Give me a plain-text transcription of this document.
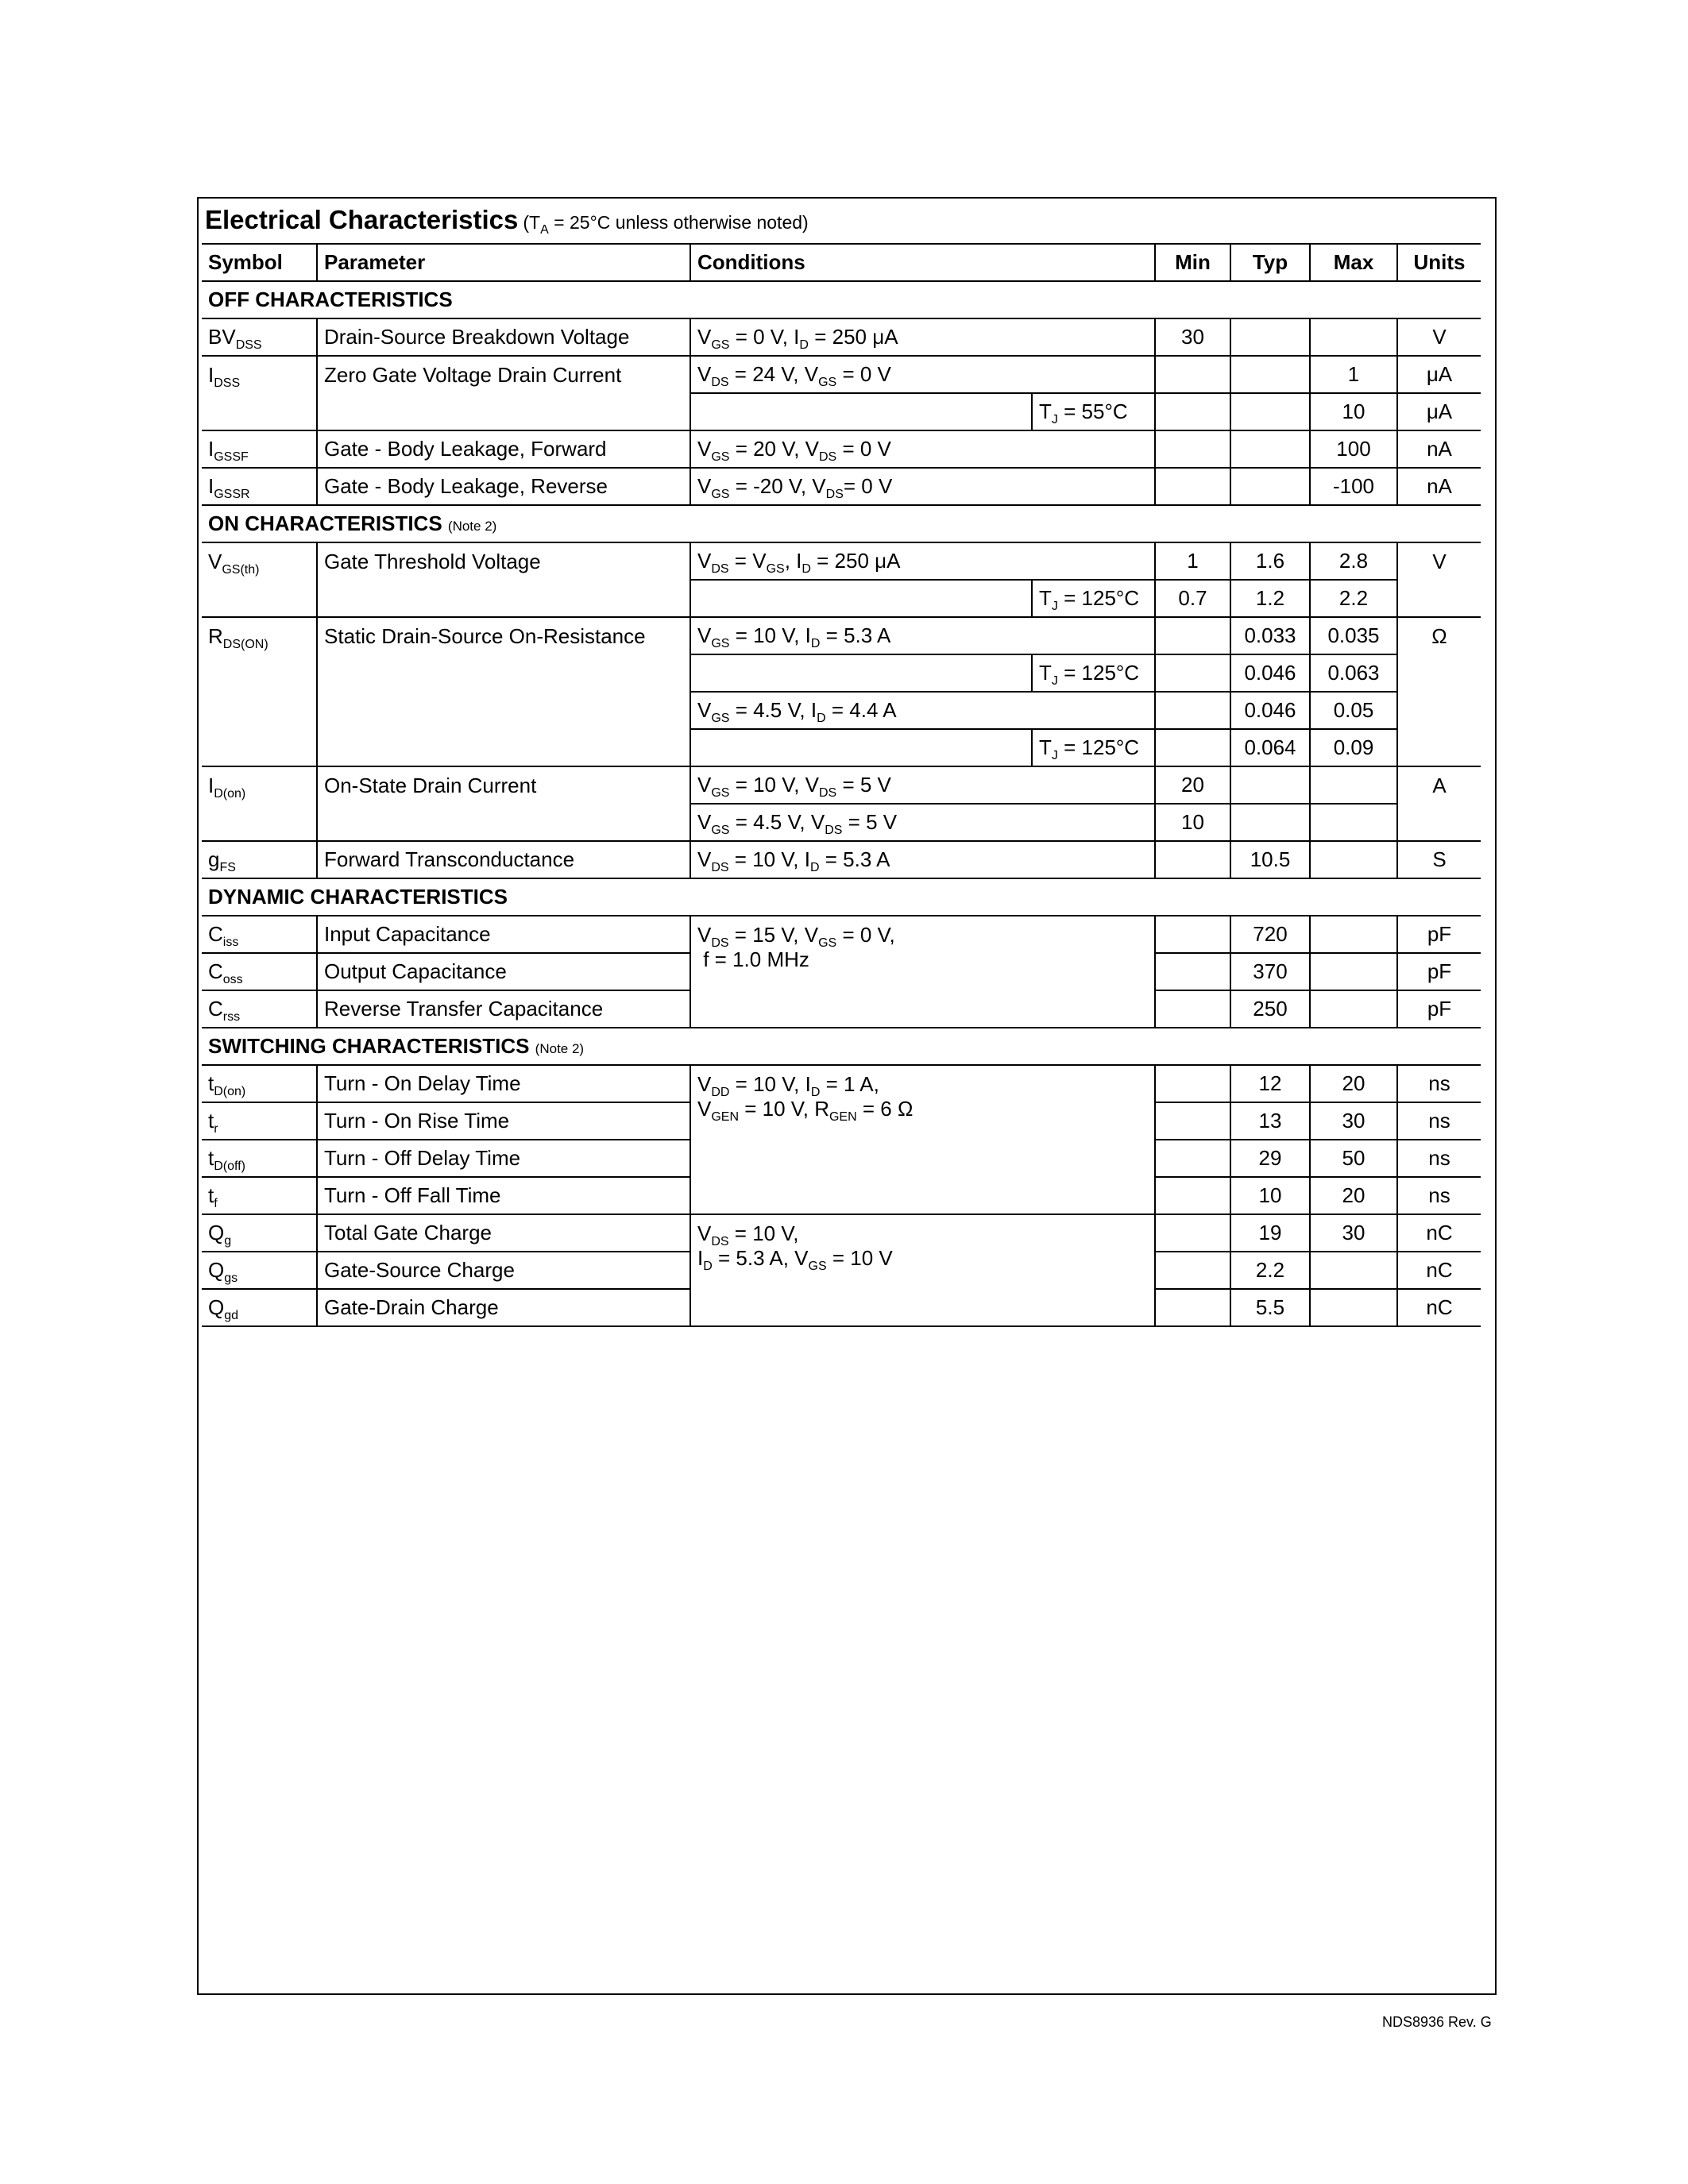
Electrical Characteristics ($T_A = 25^\circ C$ unless otherwise noted)
Symbol	Parameter	Conditions		Min	Typ	Max	Units
OFF CHARACTERISTICS							
$BV_{DSS}$	Drain-Source Breakdown Voltage	$V_{GS} = 0$ V, $I_D = 250$ μA		30			V
$I_{DSS}$	Zero Gate Voltage Drain Current	$V_{DS} = 24$ V, $V_{GS} = 0$ V				1	μA
			$T_J = 55^\circ C$			10	μA
$I_{GSSF}$	Gate - Body Leakage, Forward	$V_{GS} = 20$ V, $V_{DS} = 0$ V				100	nA
$I_{GSSR}$	Gate - Body Leakage, Reverse	$V_{GS} = -20$ V, $V_{DS}= 0$ V				-100	nA
ON CHARACTERISTICS (Note 2)							
$V_{GS(th)}$	Gate Threshold Voltage	$V_{DS} = V_{GS}$, $I_D = 250$ μA		1	1.6	2.8	V
			$T_J = 125^\circ C$	0.7	1.2	2.2	
$R_{DS(ON)}$	Static Drain-Source On-Resistance	$V_{GS} = 10$ V, $I_D = 5.3$ A			0.033	0.035	Ω
			$T_J = 125^\circ C$		0.046	0.063	
		$V_{GS} = 4.5$ V, $I_D = 4.4$ A			0.046	0.05	
			$T_J = 125^\circ C$		0.064	0.09	
$I_{D(on)}$	On-State Drain Current	$V_{GS} = 10$ V, $V_{DS} = 5$ V		20			A
		$V_{GS} = 4.5$ V, $V_{DS} = 5$ V		10			
$g_{FS}$	Forward Transconductance	$V_{DS} = 10$ V, $I_D = 5.3$ A			10.5		S
DYNAMIC CHARACTERISTICS							
$C_{iss}$	Input Capacitance	$V_{DS} = 15$ V, $V_{GS} = 0$ V,
f = 1.0 MHz			720		pF
$C_{oss}$	Output Capacitance				370		pF
$C_{rss}$	Reverse Transfer Capacitance				250		pF
SWITCHING CHARACTERISTICS (Note 2)							
$t_{D(on)}$	Turn - On Delay Time	$V_{DD} = 10$ V, $I_D = 1$ A,
$V_{GEN} = 10$ V, $R_{GEN} = 6$ Ω			12	20	ns
$t_r$	Turn - On Rise Time				13	30	ns
$t_{D(off)}$	Turn - Off Delay Time				29	50	ns
$t_f$	Turn - Off Fall Time				10	20	ns
$Q_g$	Total Gate Charge	$V_{DS} = 10$ V,
$I_D = 5.3$ A, $V_{GS} = 10$ V			19	30	nC
$Q_{gs}$	Gate-Source Charge				2.2		nC
$Q_{gd}$	Gate-Drain Charge				5.5		nC
NDS8936 Rev. G
